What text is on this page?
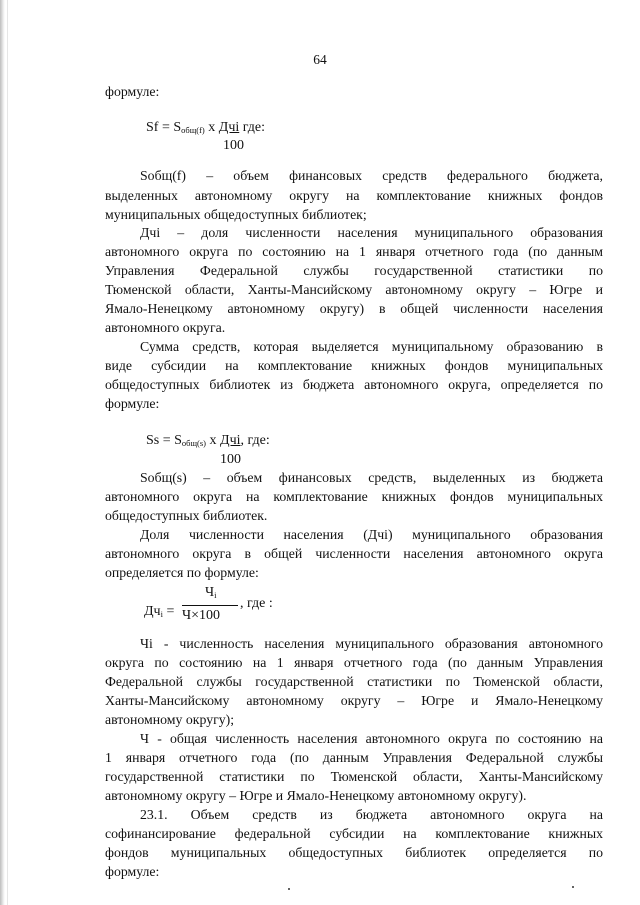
64
формуле:
$Sf = S_{общ(f)}$ x Дчi где:
100
Sобщ(f) – объем финансовых средств федерального бюджета,
выделенных автономному округу на комплектование книжных фондов
муниципальных общедоступных библиотек;
Дчi – доля численности населения муниципального образования
автономного округа по состоянию на 1 января отчетного года (по данным
Управления Федеральной службы государственной статистики по
Тюменской области, Ханты-Мансийскому автономному округу – Югре и
Ямало-Ненецкому автономному округу) в общей численности населения
автономного округа.
Сумма средств, которая выделяется муниципальному образованию в
виде субсидии на комплектование книжных фондов муниципальных
общедоступных библиотек из бюджета автономного округа, определяется по
формуле:
$Ss = S_{общ(s)}$ x Дчi, где:
100
Sобщ(s) – объем финансовых средств, выделенных из бюджета
автономного округа на комплектование книжных фондов муниципальных
общедоступных библиотек.
Доля численности населения (Дчi) муниципального образования
автономного округа в общей численности населения автономного округа
определяется по формуле:
$Дч_i$ =
$Ч_i$
Ч×100
, где :
Чi - численность населения муниципального образования автономного
округа по состоянию на 1 января отчетного года (по данным Управления
Федеральной службы государственной статистики по Тюменской области,
Ханты-Мансийскому автономному округу – Югре и Ямало-Ненецкому
автономному округу);
Ч - общая численность населения автономного округа по состоянию на
1 января отчетного года (по данным Управления Федеральной службы
государственной статистики по Тюменской области, Ханты-Мансийскому
автономному округу – Югре и Ямало-Ненецкому автономному округу).
23.1. Объем средств из бюджета автономного округа на
софинансирование федеральной субсидии на комплектование книжных
фондов муниципальных общедоступных библиотек определяется по
формуле:
